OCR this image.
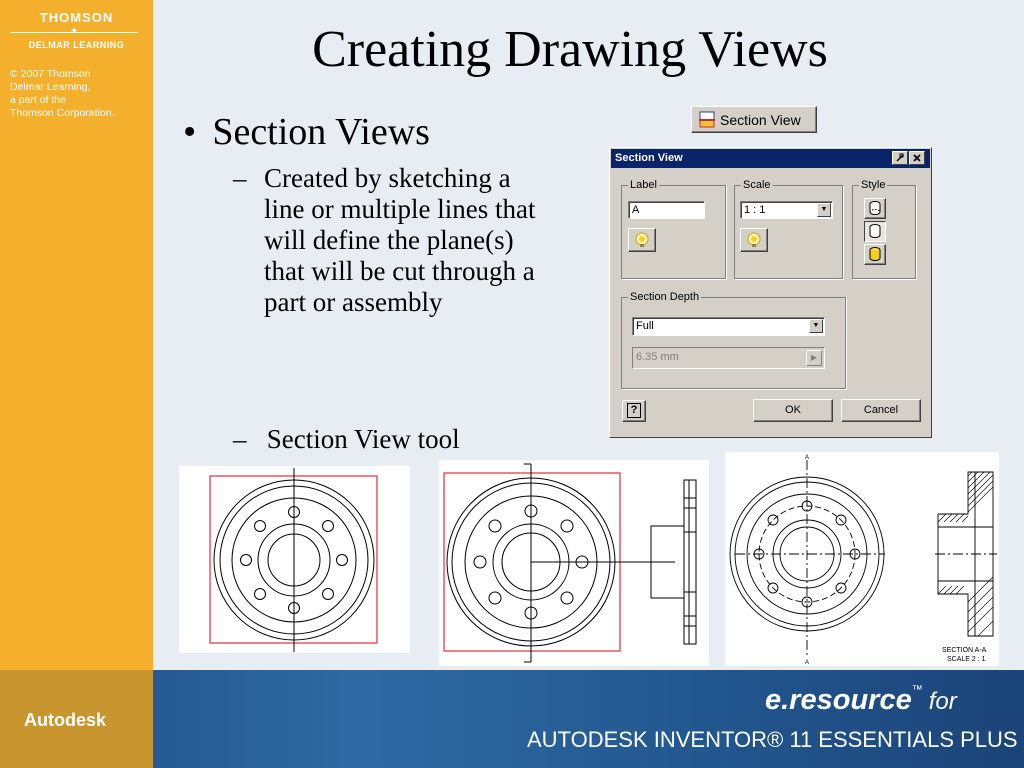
THOMSON
✦
DELMAR LEARNING
© 2007 Thomson
Delmar Learning,
a part of the
Thomson Corporation.
Creating Drawing Views
• Section Views
– Created by sketching a line or multiple lines that will define the plane(s) that will be cut through a part or assembly
– Section View tool
Section View
Section View
Label
A
Scale
1 : 1	▼
Style
Section Depth
Full	▼
6.35 mm	▶
?	OK	Cancel
A
A
SECTION A-A
SCALE 2 : 1
Autodesk
e.resource™ for
AUTODESK INVENTOR® 11 ESSENTIALS PLUS
